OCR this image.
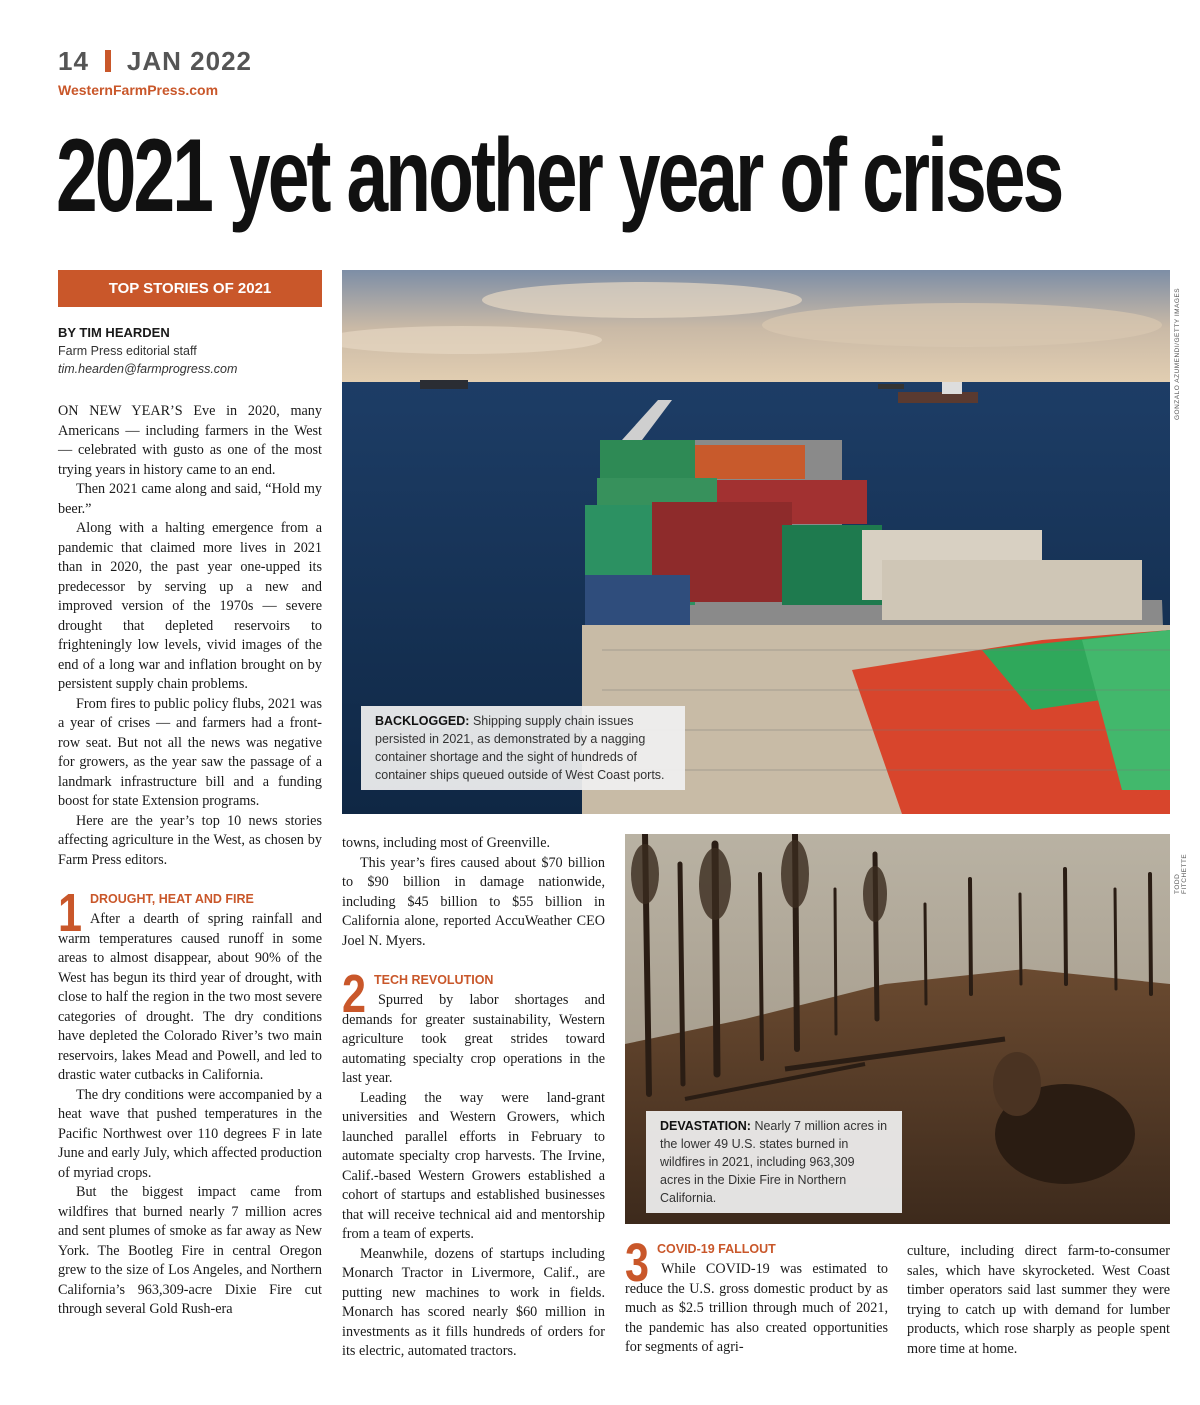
14 JAN 2022
WesternFarmPress.com
2021 yet another year of crises
TOP STORIES OF 2021
BY TIM HEARDEN
Farm Press editorial staff
tim.hearden@farmprogress.com

ON NEW YEAR’S Eve in 2020, many Americans — including farmers in the West — celebrated with gusto as one of the most trying years in history came to an end.

Then 2021 came along and said, “Hold my beer.”

Along with a halting emergence from a pandemic that claimed more lives in 2021 than in 2020, the past year one-upped its predecessor by serving up a new and improved version of the 1970s — severe drought that depleted reservoirs to frighteningly low levels, vivid images of the end of a long war and inflation brought on by persistent supply chain problems.

From fires to public policy flubs, 2021 was a year of crises — and farmers had a front-row seat. But not all the news was negative for growers, as the year saw the passage of a landmark infrastructure bill and a funding boost for state Extension programs.

Here are the year’s top 10 news stories affecting agriculture in the West, as chosen by Farm Press editors.

1 DROUGHT, HEAT AND FIRE

After a dearth of spring rainfall and warm temperatures caused runoff in some areas to almost disappear, about 90% of the West has begun its third year of drought, with close to half the region in the two most severe categories of drought. The dry conditions have depleted the Colorado River’s two main reservoirs, lakes Mead and Powell, and led to drastic water cutbacks in California.

The dry conditions were accompanied by a heat wave that pushed temperatures in the Pacific Northwest over 110 degrees F in late June and early July, which affected production of myriad crops.

But the biggest impact came from wildfires that burned nearly 7 million acres and sent plumes of smoke as far away as New York. The Bootleg Fire in central Oregon grew to the size of Los Angeles, and Northern California’s 963,309-acre Dixie Fire cut through several Gold Rush-era

BACKLOGGED: Shipping supply chain issues persisted in 2021, as demonstrated by a nagging container shortage and the sight of hundreds of container ships queued outside of West Coast ports.
GONZALO AZUMENDI/GETTY IMAGES

towns, including most of Greenville.

This year’s fires caused about $70 billion to $90 billion in damage nationwide, including $45 billion to $55 billion in California alone, reported AccuWeather CEO Joel N. Myers.

2 TECH REVOLUTION

Spurred by labor shortages and demands for greater sustainability, Western agriculture took great strides toward automating specialty crop operations in the last year.

Leading the way were land-grant universities and Western Growers, which launched parallel efforts in February to automate specialty crop harvests. The Irvine, Calif.-based Western Growers established a cohort of startups and established businesses that will receive technical aid and mentorship from a team of experts.

Meanwhile, dozens of startups including Monarch Tractor in Livermore, Calif., are putting new machines to work in fields. Monarch has scored nearly $60 million in investments as it fills hundreds of orders for its electric, automated tractors.

DEVASTATION: Nearly 7 million acres in the lower 49 U.S. states burned in wildfires in 2021, including 963,309 acres in the Dixie Fire in Northern California.
TODD FITCHETTE
3 COVID-19 FALLOUT

While COVID-19 was estimated to reduce the U.S. gross domestic product by as much as $2.5 trillion through much of 2021, the pandemic has also created opportunities for segments of agri-

culture, including direct farm-to-consumer sales, which have skyrocketed. West Coast timber operators said last summer they were trying to catch up with demand for lumber products, which rose sharply as people spent more time at home.
